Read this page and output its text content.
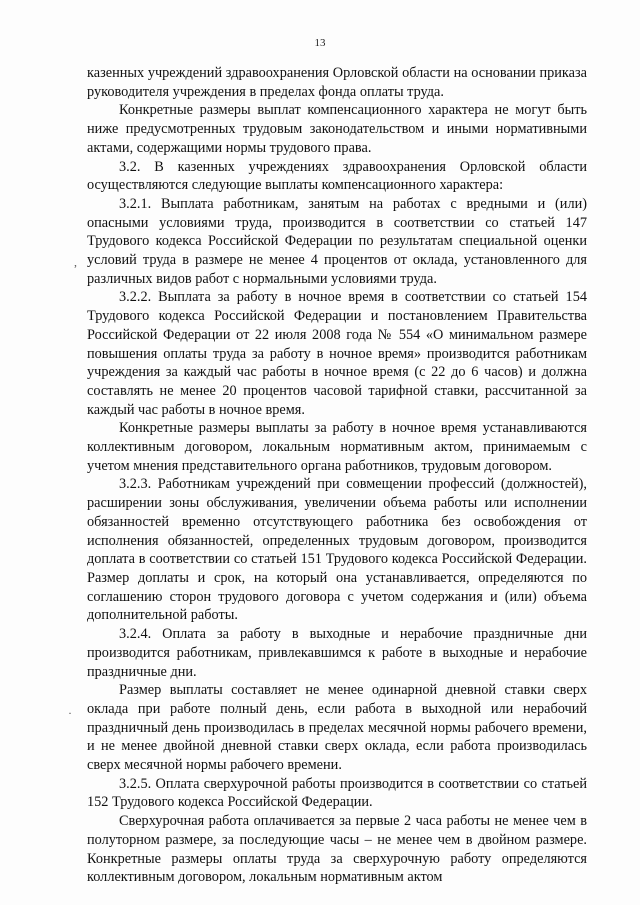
13

казенных учреждений здравоохранения Орловской области на основании приказа руководителя учреждения в пределах фонда оплаты труда.

Конкретные размеры выплат компенсационного характера не могут быть ниже предусмотренных трудовым законодательством и иными нормативными актами, содержащими нормы трудового права.

3.2. В казенных учреждениях здравоохранения Орловской области осуществляются следующие выплаты компенсационного характера:

3.2.1. Выплата работникам, занятым на работах с вредными и (или) опасными условиями труда, производится в соответствии со статьей 147 Трудового кодекса Российской Федерации по результатам специальной оценки условий труда в размере не менее 4 процентов от оклада, установленного для различных видов работ с нормальными условиями труда.

3.2.2. Выплата за работу в ночное время в соответствии со статьей 154 Трудового кодекса Российской Федерации и постановлением Правительства Российской Федерации от 22 июля 2008 года № 554 «О минимальном размере повышения оплаты труда за работу в ночное время» производится работникам учреждения за каждый час работы в ночное время (с 22 до 6 часов) и должна составлять не менее 20 процентов часовой тарифной ставки, рассчитанной за каждый час работы в ночное время.

Конкретные размеры выплаты за работу в ночное время устанавливаются коллективным договором, локальным нормативным актом, принимаемым с учетом мнения представительного органа работников, трудовым договором.

3.2.3. Работникам учреждений при совмещении профессий (должностей), расширении зоны обслуживания, увеличении объема работы или исполнении обязанностей временно отсутствующего работника без освобождения от исполнения обязанностей, определенных трудовым договором, производится доплата в соответствии со статьей 151 Трудового кодекса Российской Федерации. Размер доплаты и срок, на который она устанавливается, определяются по соглашению сторон трудового договора с учетом содержания и (или) объема дополнительной работы.

3.2.4. Оплата за работу в выходные и нерабочие праздничные дни производится работникам, привлекавшимся к работе в выходные и нерабочие праздничные дни.

Размер выплаты составляет не менее одинарной дневной ставки сверх оклада при работе полный день, если работа в выходной или нерабочий праздничный день производилась в пределах месячной нормы рабочего времени, и не менее двойной дневной ставки сверх оклада, если работа производилась сверх месячной нормы рабочего времени.

3.2.5. Оплата сверхурочной работы производится в соответствии со статьей 152 Трудового кодекса Российской Федерации.

Сверхурочная работа оплачивается за первые 2 часа работы не менее чем в полуторном размере, за последующие часы – не менее чем в двойном размере. Конкретные размеры оплаты труда за сверхурочную работу определяются коллективным договором, локальным нормативным актом

,
·
